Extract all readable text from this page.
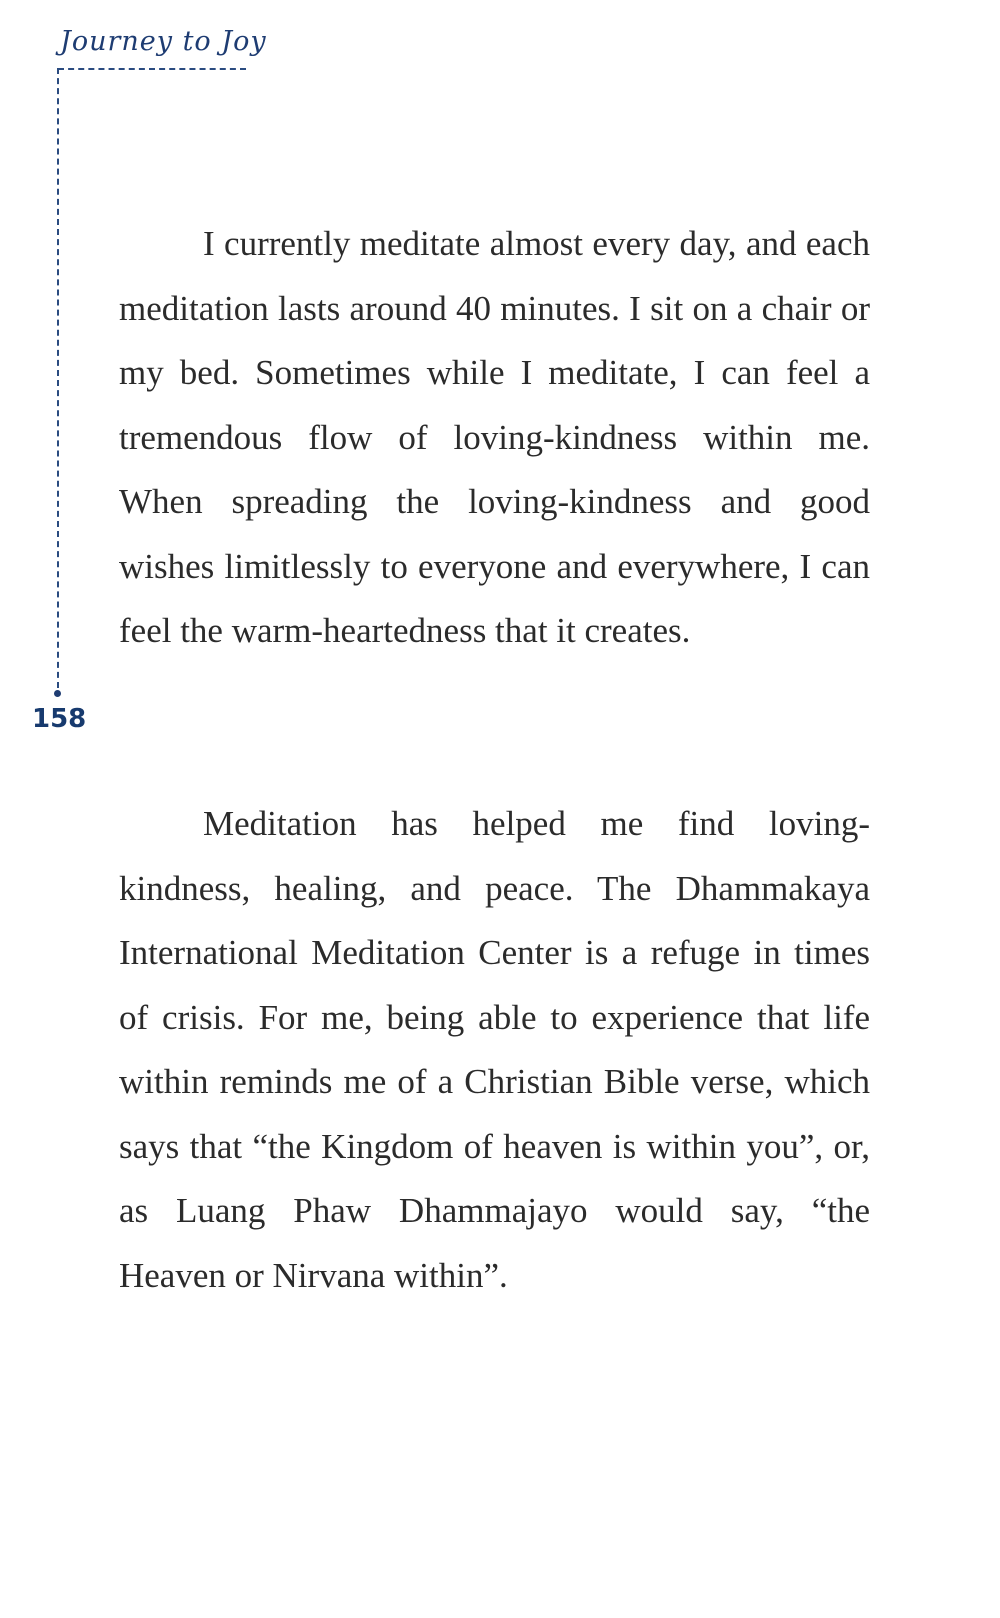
Journey to Joy
158

I currently meditate almost every day, and each meditation lasts around 40 minutes. I sit on a chair or my bed. Sometimes while I meditate, I can feel a tremendous flow of loving-kindness within me. When spreading the loving-kindness and good wishes limitlessly to everyone and everywhere, I can feel the warm-heartedness that it creates.

Meditation has helped me find loving-kindness, healing, and peace. The Dhammakaya International Meditation Center is a refuge in times of crisis. For me, being able to experience that life within reminds me of a Christian Bible verse, which says that “the Kingdom of heaven is within you”, or, as Luang Phaw Dhammajayo would say, “the Heaven or Nirvana within”.
